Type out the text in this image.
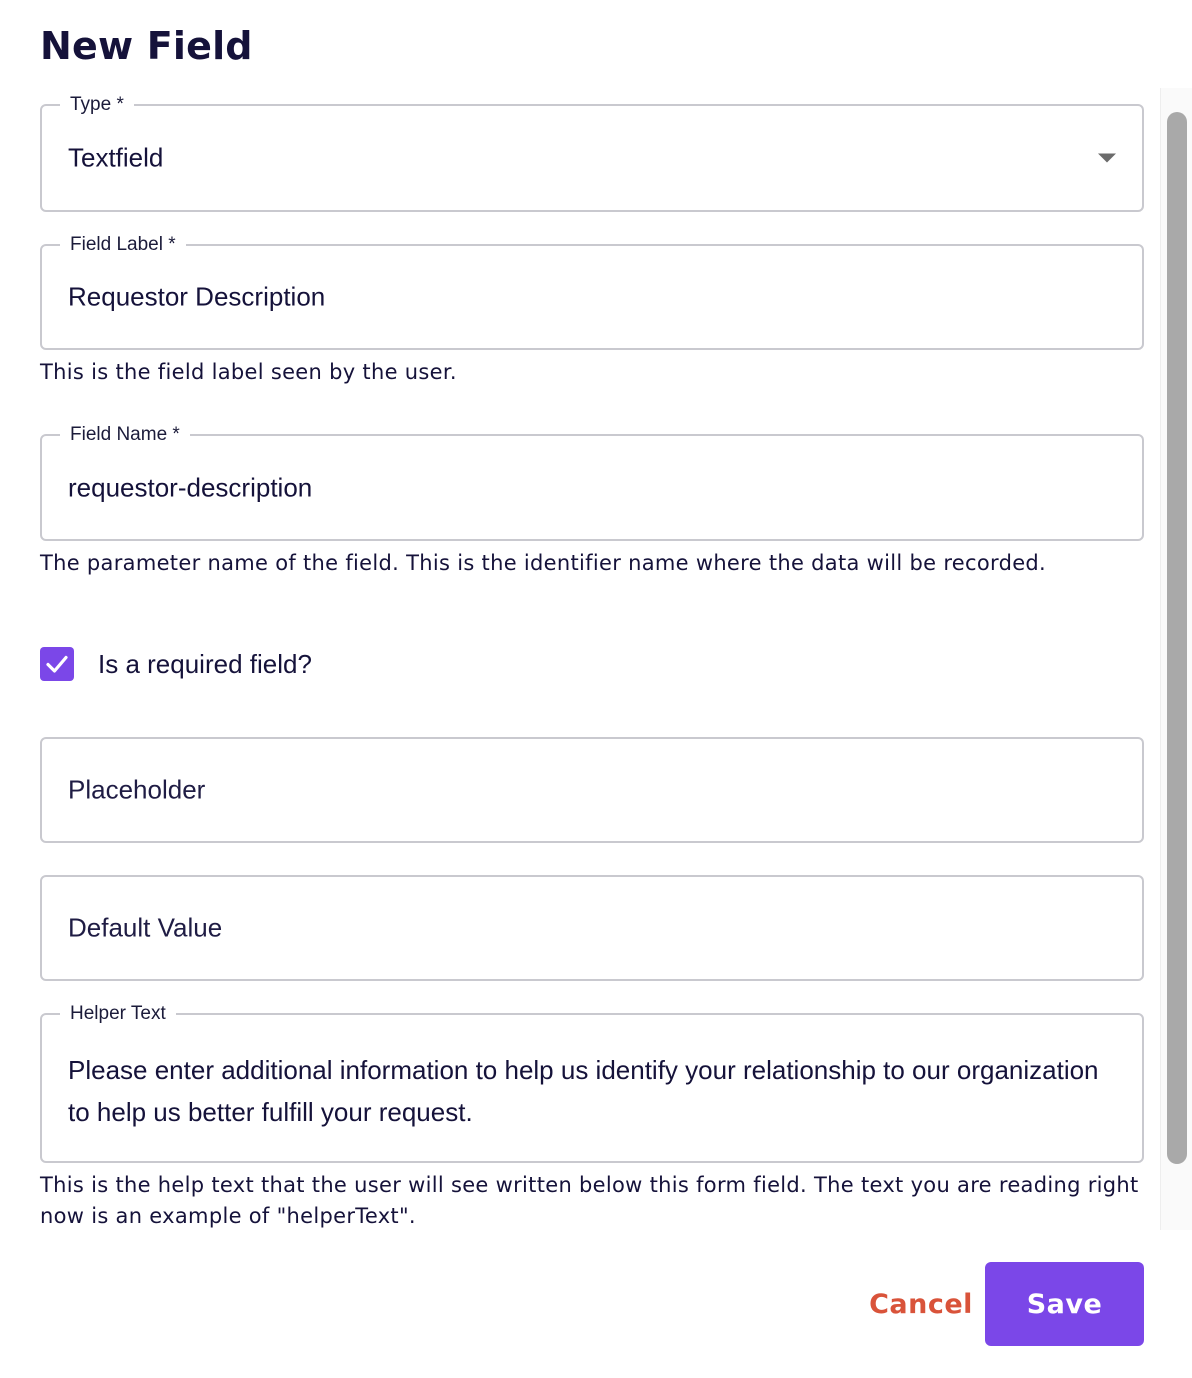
New Field
Type *
Textfield
Field Label *
Requestor Description
This is the field label seen by the user.
Field Name *
requestor-description
The parameter name of the field. This is the identifier name where the data will be recorded.
Is a required field?
Placeholder
Default Value
Helper Text
Please enter additional information to help us identify your relationship to our organization to help us better fulfill your request.
This is the help text that the user will see written below this form field. The text you are reading right now is an example of "helperText".
Cancel	Save
